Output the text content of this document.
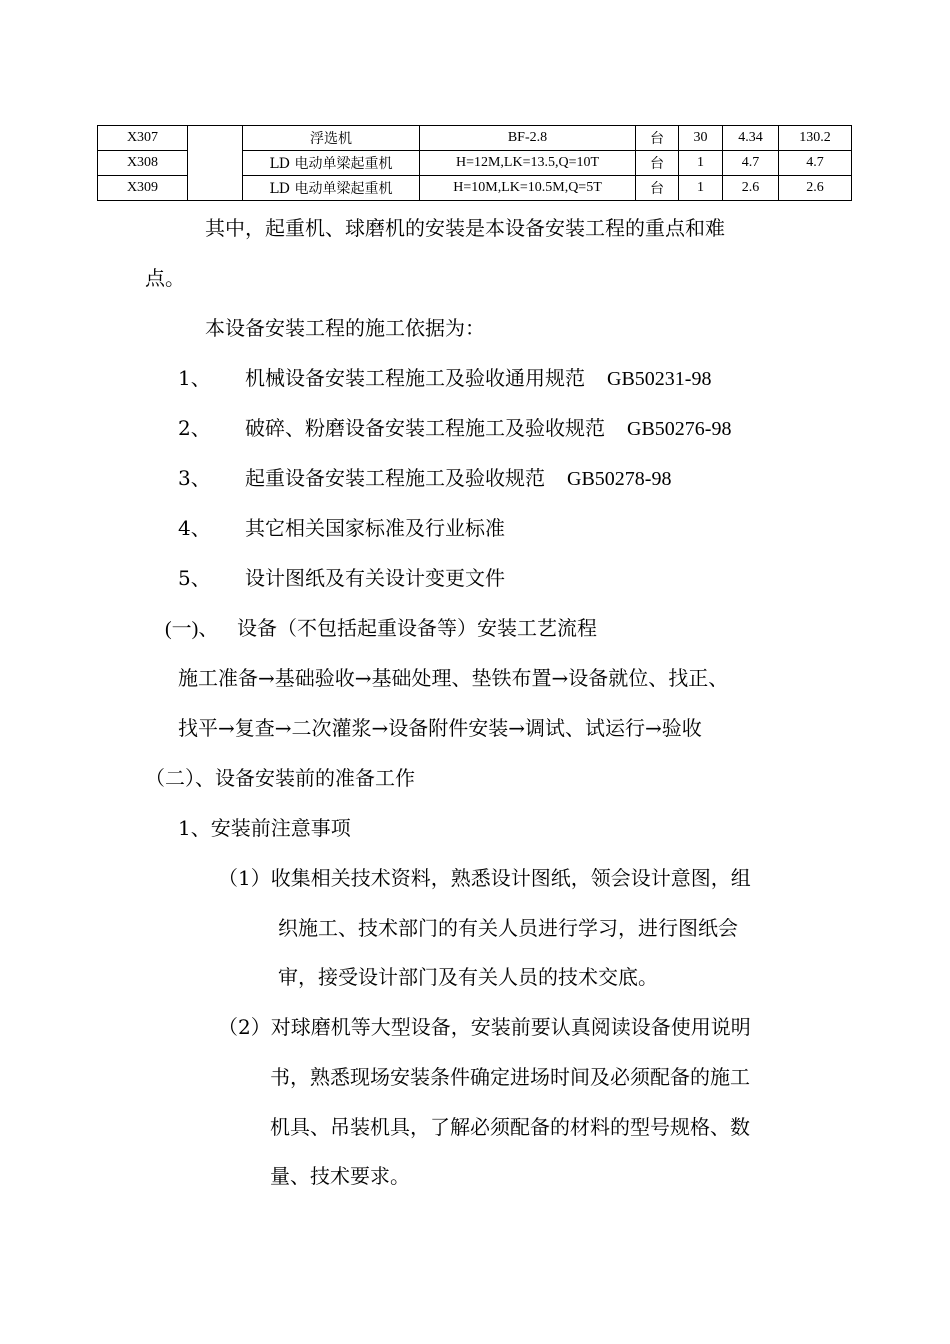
X307		浮选机	BF-2.8	台	30	4.34	130.2
X308		LD 电动单梁起重机	H=12M,LK=13.5,Q=10T	台	1	4.7	4.7
X309		LD 电动单梁起重机	H=10M,LK=10.5M,Q=5T	台	1	2.6	2.6

其中，起重机、球磨机的安装是本设备安装工程的重点和难

点。

本设备安装工程的施工依据为：

1、 机械设备安装工程施工及验收通用规范 GB50231-98

2、 破碎、粉磨设备安装工程施工及验收规范 GB50276-98

3、 起重设备安装工程施工及验收规范 GB50278-98

4、 其它相关国家标准及行业标准

5、 设计图纸及有关设计变更文件

(一)、 设备（不包括起重设备等）安装工艺流程

施工准备→基础验收→基础处理、垫铁布置→设备就位、找正、

找平→复查→二次灌浆→设备附件安装→调试、试运行→验收

（二）、设备安装前的准备工作

1、安装前注意事项

（1）收集相关技术资料，熟悉设计图纸，领会设计意图，组

织施工、技术部门的有关人员进行学习，进行图纸会

审，接受设计部门及有关人员的技术交底。

（2）对球磨机等大型设备，安装前要认真阅读设备使用说明

书，熟悉现场安装条件确定进场时间及必须配备的施工

机具、吊装机具，了解必须配备的材料的型号规格、数

量、技术要求。
